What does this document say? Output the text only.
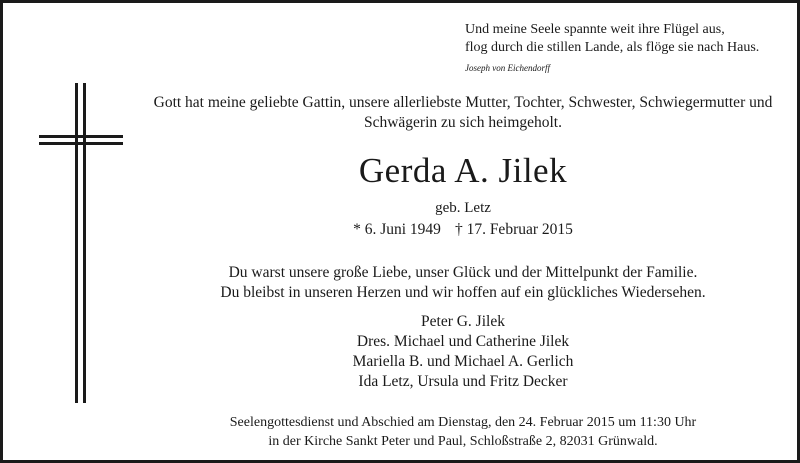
Und meine Seele spannte weit ihre Flügel aus,
flog durch die stillen Lande, als flöge sie nach Haus.
Joseph von Eichendorff
Gott hat meine geliebte Gattin, unsere allerliebste Mutter, Tochter, Schwester, Schwiegermutter und
Schwägerin zu sich heimgeholt.
Gerda A. Jilek
geb. Letz
* 6. Juni 1949 † 17. Februar 2015
Du warst unsere große Liebe, unser Glück und der Mittelpunkt der Familie.
Du bleibst in unseren Herzen und wir hoffen auf ein glückliches Wiedersehen.
Peter G. Jilek
Dres. Michael und Catherine Jilek
Mariella B. und Michael A. Gerlich
Ida Letz, Ursula und Fritz Decker
Seelengottesdienst und Abschied am Dienstag, den 24. Februar 2015 um 11:30 Uhr
in der Kirche Sankt Peter und Paul, Schloßstraße 2, 82031 Grünwald.
